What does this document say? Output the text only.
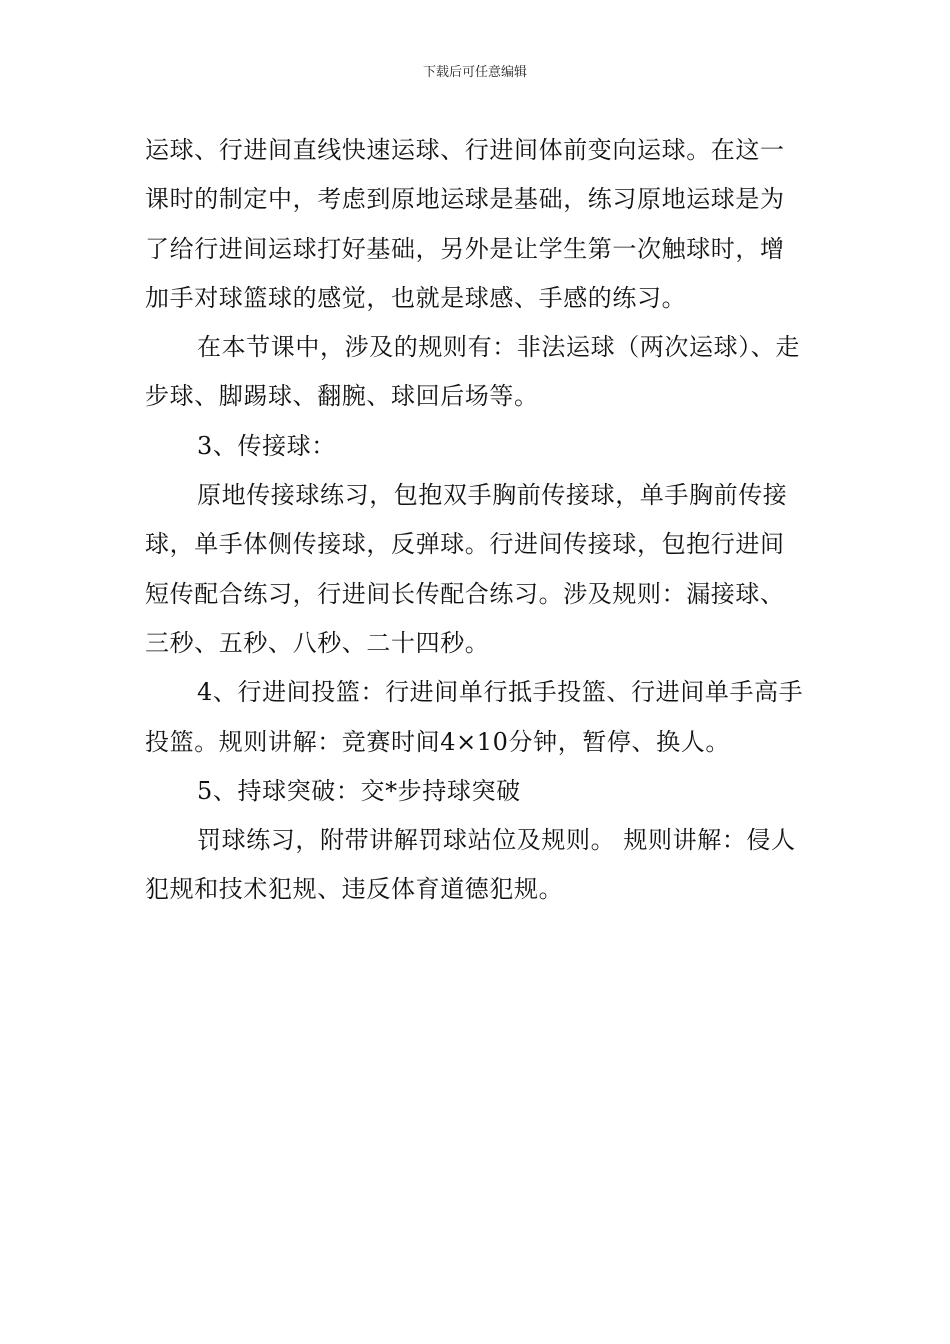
下载后可任意编辑

运球、行进间直线快速运球、行进间体前变向运球。在这一课时的制定中，考虑到原地运球是基础，练习原地运球是为了给行进间运球打好基础，另外是让学生第一次触球时，增加手对球篮球的感觉，也就是球感、手感的练习。

在本节课中，涉及的规则有：非法运球（两次运球）、走步球、脚踢球、翻腕、球回后场等。

3、传接球：

原地传接球练习，包抱双手胸前传接球，单手胸前传接球，单手体侧传接球，反弹球。行进间传接球，包抱行进间短传配合练习，行进间长传配合练习。涉及规则：漏接球、三秒、五秒、八秒、二十四秒。

4、行进间投篮：行进间单行抵手投篮、行进间单手高手投篮。规则讲解：竞赛时间4×10分钟，暂停、换人。

5、持球突破：交*步持球突破

罚球练习，附带讲解罚球站位及规则。 规则讲解：侵人犯规和技术犯规、违反体育道德犯规。
